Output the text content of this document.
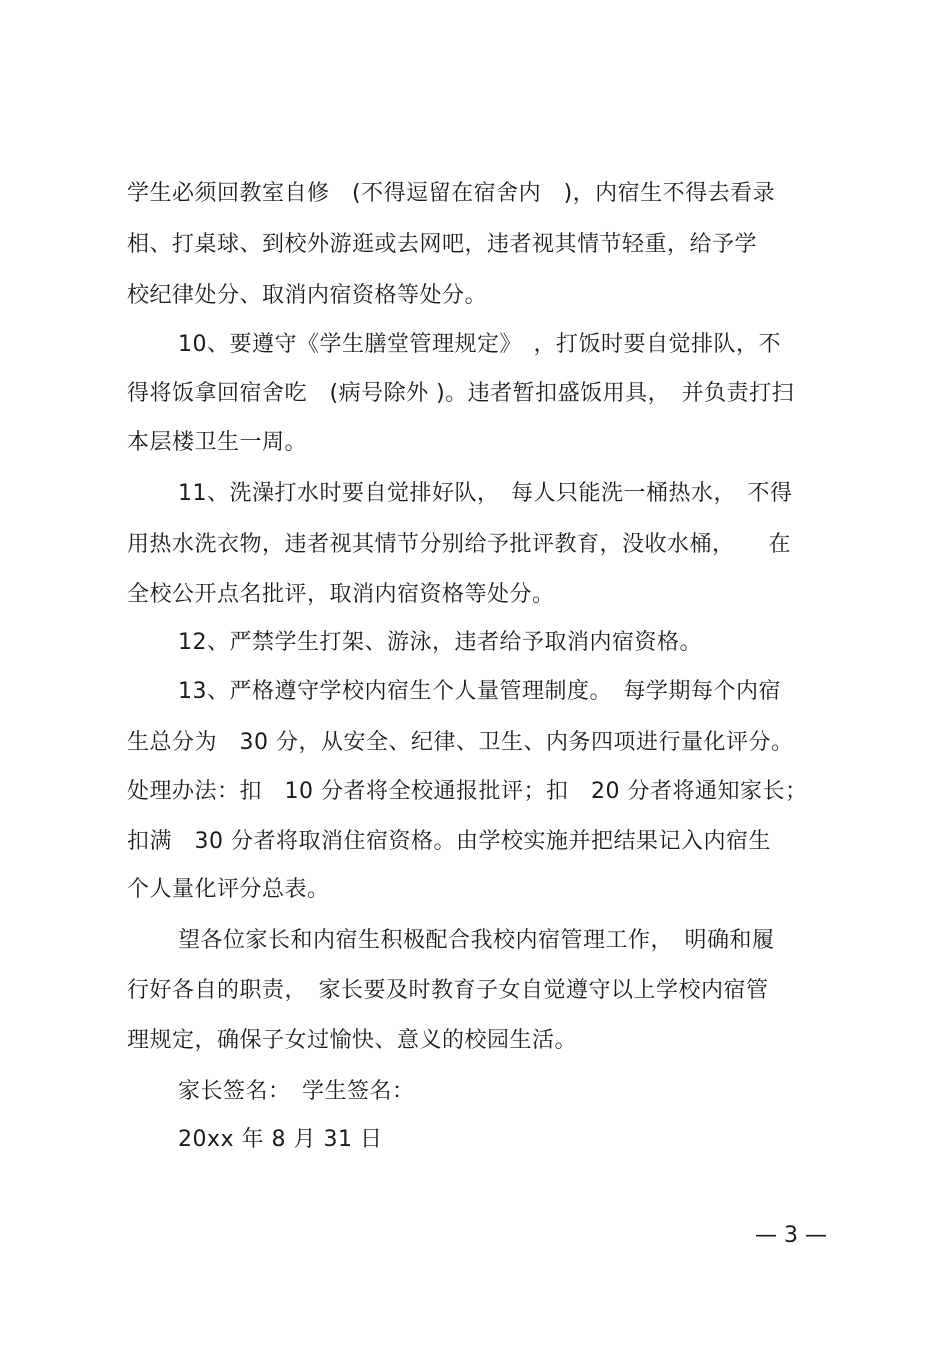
学生必须回教室自修　(不得逗留在宿舍内　)，内宿生不得去看录
相、打桌球、到校外游逛或去网吧，违者视其情节轻重，给予学
校纪律处分、取消内宿资格等处分。
10、要遵守《学生膳堂管理规定》　，打饭时要自觉排队，不
得将饭拿回宿舍吃　(病号除外 )。违者暂扣盛饭用具，　并负责打扫
本层楼卫生一周。
11、洗澡打水时要自觉排好队，　每人只能洗一桶热水，　不得
用热水洗衣物，违者视其情节分别给予批评教育，没收水桶，　　在
全校公开点名批评，取消内宿资格等处分。
12、严禁学生打架、游泳，违者给予取消内宿资格。
13、严格遵守学校内宿生个人量管理制度。　每学期每个内宿
生总分为　30 分，从安全、纪律、卫生、内务四项进行量化评分。
处理办法：扣　10 分者将全校通报批评；扣　20 分者将通知家长；
扣满　30 分者将取消住宿资格。由学校实施并把结果记入内宿生
个人量化评分总表。
望各位家长和内宿生积极配合我校内宿管理工作，　明确和履
行好各自的职责，　家长要及时教育子女自觉遵守以上学校内宿管
理规定，确保子女过愉快、意义的校园生活。
家长签名：　学生签名：
20xx 年 8 月 31 日
— 3 —
